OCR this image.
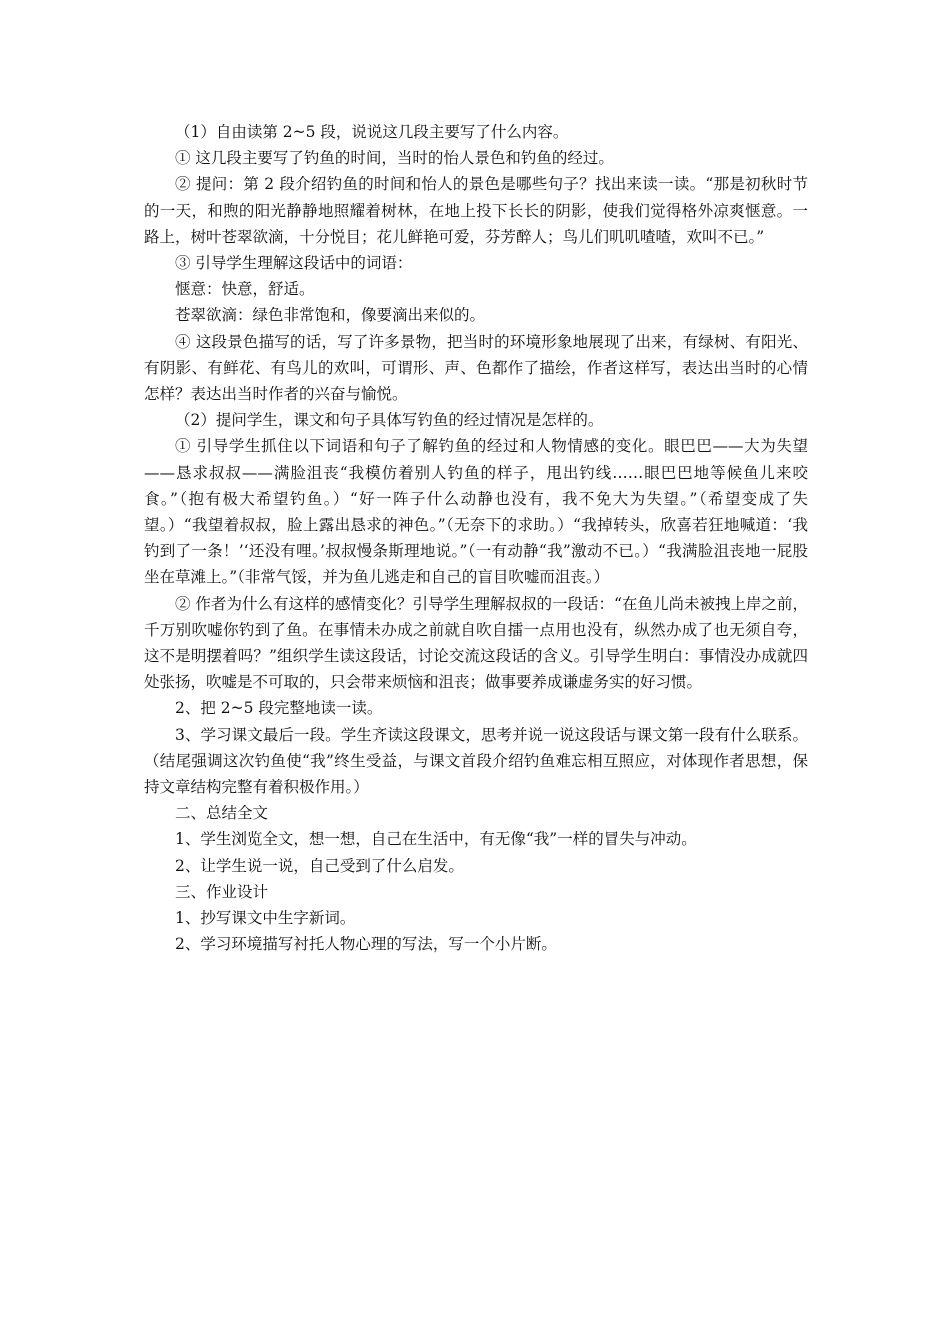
（1）自由读第 2~5 段，说说这几段主要写了什么内容。

① 这几段主要写了钓鱼的时间，当时的怡人景色和钓鱼的经过。

② 提问：第 2 段介绍钓鱼的时间和怡人的景色是哪些句子？找出来读一读。“那是初秋时节的一天，和煦的阳光静静地照耀着树林，在地上投下长长的阴影，使我们觉得格外凉爽惬意。一路上，树叶苍翠欲滴，十分悦目；花儿鲜艳可爱，芬芳醉人；鸟儿们叽叽喳喳，欢叫不已。”

③ 引导学生理解这段话中的词语：

惬意：快意，舒适。

苍翠欲滴：绿色非常饱和，像要滴出来似的。

④ 这段景色描写的话，写了许多景物，把当时的环境形象地展现了出来，有绿树、有阳光、有阴影、有鲜花、有鸟儿的欢叫，可谓形、声、色都作了描绘，作者这样写，表达出当时的心情怎样？表达出当时作者的兴奋与愉悦。

（2）提问学生，课文和句子具体写钓鱼的经过情况是怎样的。

① 引导学生抓住以下词语和句子了解钓鱼的经过和人物情感的变化。眼巴巴——大为失望——恳求叔叔——满脸沮丧“我模仿着别人钓鱼的样子，甩出钓线……眼巴巴地等候鱼儿来咬食。”（抱有极大希望钓鱼。）“好一阵子什么动静也没有，我不免大为失望。”（希望变成了失望。）“我望着叔叔，脸上露出恳求的神色。”（无奈下的求助。）“我掉转头，欣喜若狂地喊道：‘我钓到了一条！’‘还没有哩。’叔叔慢条斯理地说。”（一有动静“我”激动不已。）“我满脸沮丧地一屁股坐在草滩上。”（非常气馁，并为鱼儿逃走和自己的盲目吹嘘而沮丧。）

② 作者为什么有这样的感情变化？引导学生理解叔叔的一段话：“在鱼儿尚未被拽上岸之前，千万别吹嘘你钓到了鱼。在事情未办成之前就自吹自擂一点用也没有，纵然办成了也无须自夸，这不是明摆着吗？”组织学生读这段话，讨论交流这段话的含义。引导学生明白：事情没办成就四处张扬，吹嘘是不可取的，只会带来烦恼和沮丧；做事要养成谦虚务实的好习惯。

2、把 2~5 段完整地读一读。

3、学习课文最后一段。学生齐读这段课文，思考并说一说这段话与课文第一段有什么联系。（结尾强调这次钓鱼使“我”终生受益，与课文首段介绍钓鱼难忘相互照应，对体现作者思想，保持文章结构完整有着积极作用。）

二、总结全文

1、学生浏览全文，想一想，自己在生活中，有无像“我”一样的冒失与冲动。

2、让学生说一说，自己受到了什么启发。

三、作业设计

1、抄写课文中生字新词。

2、学习环境描写衬托人物心理的写法，写一个小片断。
